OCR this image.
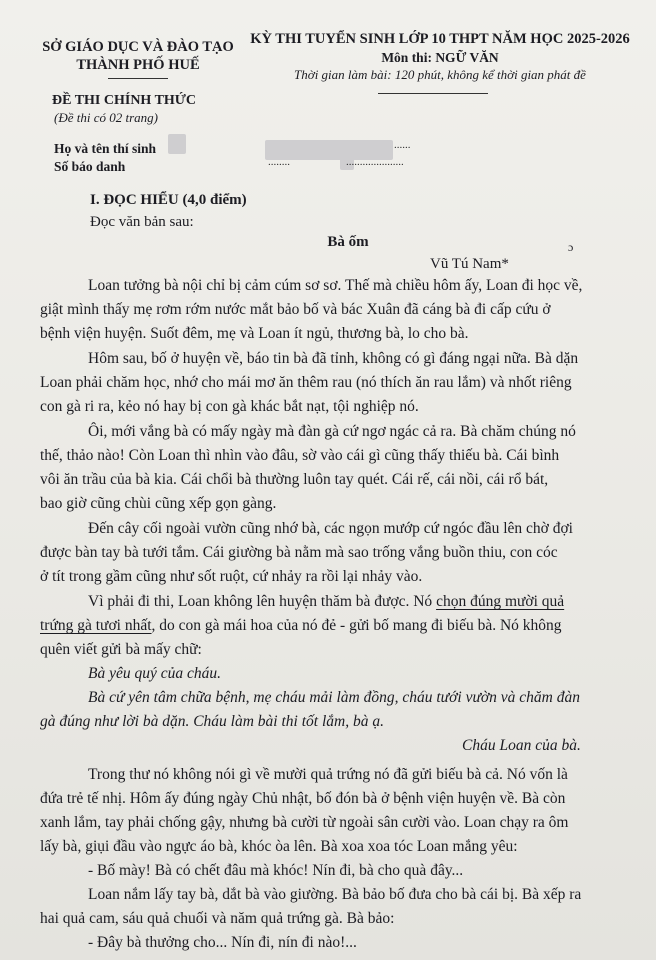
SỞ GIÁO DỤC VÀ ĐÀO TẠO
THÀNH PHỐ HUẾ
KỲ THI TUYỂN SINH LỚP 10 THPT NĂM HỌC 2025-2026
Môn thi: NGỮ VĂN
Thời gian làm bài: 120 phút, không kể thời gian phát đề
ĐỀ THI CHÍNH THỨC
(Đề thi có 02 trang)
Họ và tên thí sinh
Số báo danh
......
........	.....................
I. ĐỌC HIỂU (4,0 điểm)
Đọc văn bản sau:
Bà ốm	ɔ
Vũ Tú Nam*
Loan tưởng bà nội chỉ bị cảm cúm sơ sơ. Thế mà chiều hôm ấy, Loan đi học về,
giật mình thấy mẹ rơm rớm nước mắt bảo bố và bác Xuân đã cáng bà đi cấp cứu ở
bệnh viện huyện. Suốt đêm, mẹ và Loan ít ngủ, thương bà, lo cho bà.
Hôm sau, bố ở huyện về, báo tin bà đã tỉnh, không có gì đáng ngại nữa. Bà dặn
Loan phải chăm học, nhớ cho mái mơ ăn thêm rau (nó thích ăn rau lắm) và nhốt riêng
con gà ri ra, kẻo nó hay bị con gà khác bắt nạt, tội nghiệp nó.
Ôi, mới vắng bà có mấy ngày mà đàn gà cứ ngơ ngác cả ra. Bà chăm chúng nó
thế, thảo nào! Còn Loan thì nhìn vào đâu, sờ vào cái gì cũng thấy thiếu bà. Cái bình
vôi ăn trầu của bà kia. Cái chổi bà thường luôn tay quét. Cái rế, cái nồi, cái rổ bát,
bao giờ cũng chùi cũng xếp gọn gàng.
Đến cây cối ngoài vườn cũng nhớ bà, các ngọn mướp cứ ngóc đầu lên chờ đợi
được bàn tay bà tưới tắm. Cái giường bà nằm mà sao trống vắng buồn thiu, con cóc
ở tít trong gầm cũng như sốt ruột, cứ nhảy ra rồi lại nhảy vào.
Vì phải đi thi, Loan không lên huyện thăm bà được. Nó chọn đúng mười quả
trứng gà tươi nhất, do con gà mái hoa của nó đẻ - gửi bố mang đi biếu bà. Nó không
quên viết gửi bà mấy chữ:
Bà yêu quý của cháu.
Bà cứ yên tâm chữa bệnh, mẹ cháu mải làm đồng, cháu tưới vườn và chăm đàn
gà đúng như lời bà dặn. Cháu làm bài thi tốt lắm, bà ạ.
Cháu Loan của bà.
Trong thư nó không nói gì về mười quả trứng nó đã gửi biếu bà cả. Nó vốn là
đứa trẻ tế nhị. Hôm ấy đúng ngày Chủ nhật, bố đón bà ở bệnh viện huyện về. Bà còn
xanh lắm, tay phải chống gậy, nhưng bà cười từ ngoài sân cười vào. Loan chạy ra ôm
lấy bà, giụi đầu vào ngực áo bà, khóc òa lên. Bà xoa xoa tóc Loan mắng yêu:
- Bố mày! Bà có chết đâu mà khóc! Nín đi, bà cho quà đây...
Loan nắm lấy tay bà, dắt bà vào giường. Bà bảo bố đưa cho bà cái bị. Bà xếp ra
hai quả cam, sáu quả chuối và năm quả trứng gà. Bà bảo:
- Đây bà thưởng cho... Nín đi, nín đi nào!...
